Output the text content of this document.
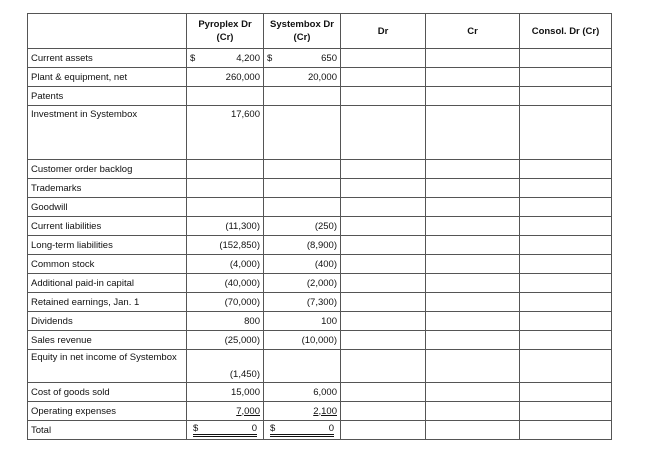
	Pyroplex Dr (Cr)	Systembox Dr (Cr)	Dr	Cr	Consol. Dr (Cr)
Current assets	$ 4,200	$ 650			

Plant & equipment, net	260,000	20,000			
Patents					
Investment in Systembox	17,600				
Customer order backlog					
Trademarks					
Goodwill					
Current liabilities	(11,300)	(250)			
Long-term liabilities	(152,850)	(8,900)			
Common stock	(4,000)	(400)			
Additional paid-in capital	(40,000)	(2,000)			
Retained earnings, Jan. 1	(70,000)	(7,300)			
Dividends	800	100			
Sales revenue	(25,000)	(10,000)			
Equity in net income of Systembox	(1,450)				
Cost of goods sold	15,000	6,000			
Operating expenses	7,000	2,100			
Total	$ 0	$ 0			
